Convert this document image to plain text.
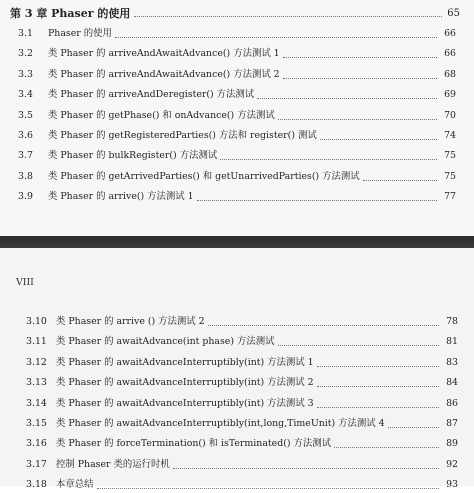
第 3 章 Phaser 的使用	65
3.1	Phaser 的使用	66
3.2	类 Phaser 的 arriveAndAwaitAdvance() 方法测试 1	66
3.3	类 Phaser 的 arriveAndAwaitAdvance() 方法测试 2	68
3.4	类 Phaser 的 arriveAndDeregister() 方法测试	69
3.5	类 Phaser 的 getPhase() 和 onAdvance() 方法测试	70
3.6	类 Phaser 的 getRegisteredParties() 方法和 register() 测试	74
3.7	类 Phaser 的 bulkRegister() 方法测试	75
3.8	类 Phaser 的 getArrivedParties() 和 getUnarrivedParties() 方法测试	75
3.9	类 Phaser 的 arrive() 方法测试 1	77
VIII
3.10 类 Phaser 的 arrive () 方法测试 2	78
3.11 类 Phaser 的 awaitAdvance(int phase) 方法测试	81
3.12 类 Phaser 的 awaitAdvanceInterruptibly(int) 方法测试 1	83
3.13 类 Phaser 的 awaitAdvanceInterruptibly(int) 方法测试 2	84
3.14 类 Phaser 的 awaitAdvanceInterruptibly(int) 方法测试 3	86
3.15 类 Phaser 的 awaitAdvanceInterruptibly(int,long,TimeUnit) 方法测试 4	87
3.16 类 Phaser 的 forceTermination() 和 isTerminated() 方法测试	89
3.17 控制 Phaser 类的运行时机	92
3.18 本章总结	93
